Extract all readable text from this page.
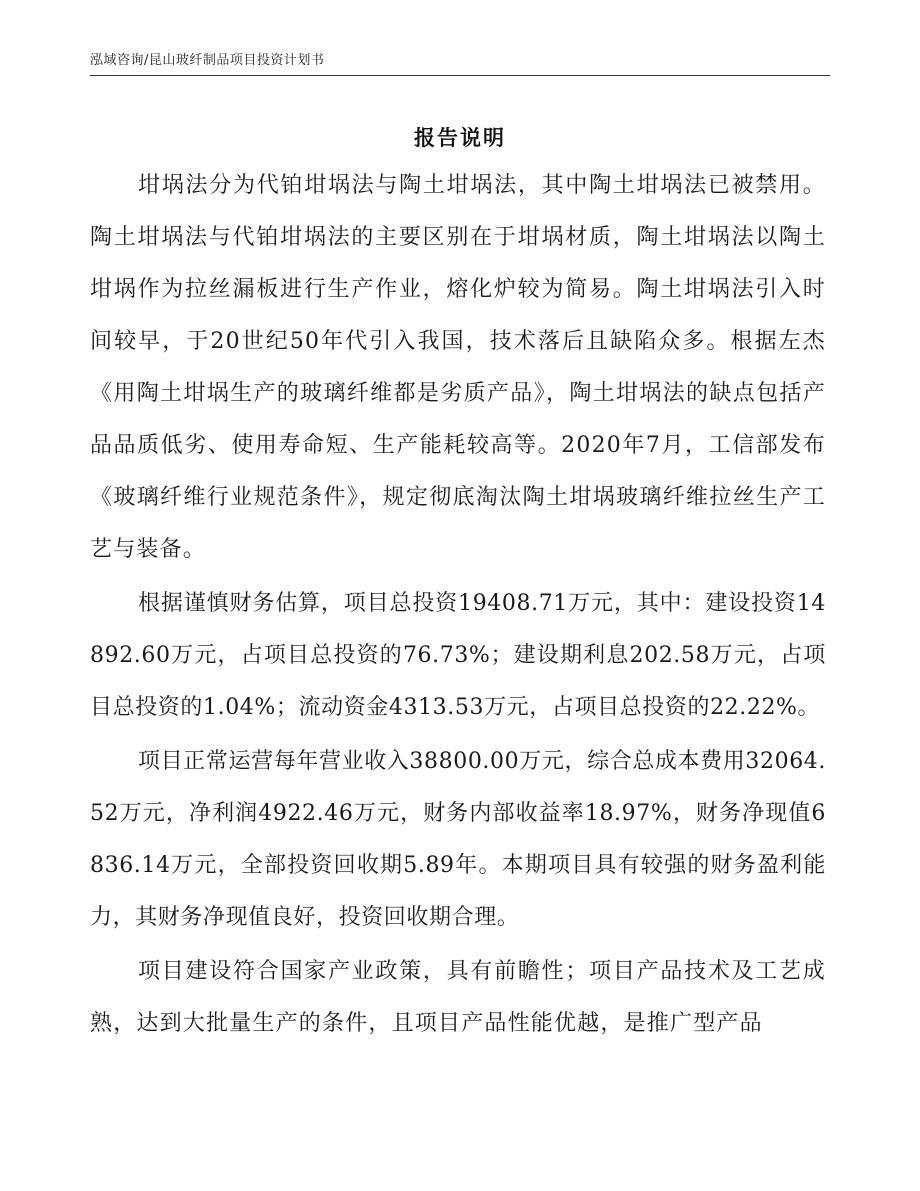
泓域咨询/昆山玻纤制品项目投资计划书
报告说明

坩埚法分为代铂坩埚法与陶土坩埚法，其中陶土坩埚法已被禁用。陶土坩埚法与代铂坩埚法的主要区别在于坩埚材质，陶土坩埚法以陶土坩埚作为拉丝漏板进行生产作业，熔化炉较为简易。陶土坩埚法引入时间较早，于20世纪50年代引入我国，技术落后且缺陷众多。根据左杰《用陶土坩埚生产的玻璃纤维都是劣质产品》，陶土坩埚法的缺点包括产品品质低劣、使用寿命短、生产能耗较高等。2020年7月，工信部发布《玻璃纤维行业规范条件》，规定彻底淘汰陶土坩埚玻璃纤维拉丝生产工艺与装备。

根据谨慎财务估算，项目总投资19408.71万元，其中：建设投资14892.60万元，占项目总投资的76.73%；建设期利息202.58万元，占项目总投资的1.04%；流动资金4313.53万元，占项目总投资的22.22%。

项目正常运营每年营业收入38800.00万元，综合总成本费用32064.52万元，净利润4922.46万元，财务内部收益率18.97%，财务净现值6836.14万元，全部投资回收期5.89年。本期项目具有较强的财务盈利能力，其财务净现值良好，投资回收期合理。

项目建设符合国家产业政策，具有前瞻性；项目产品技术及工艺成熟，达到大批量生产的条件，且项目产品性能优越，是推广型产品
